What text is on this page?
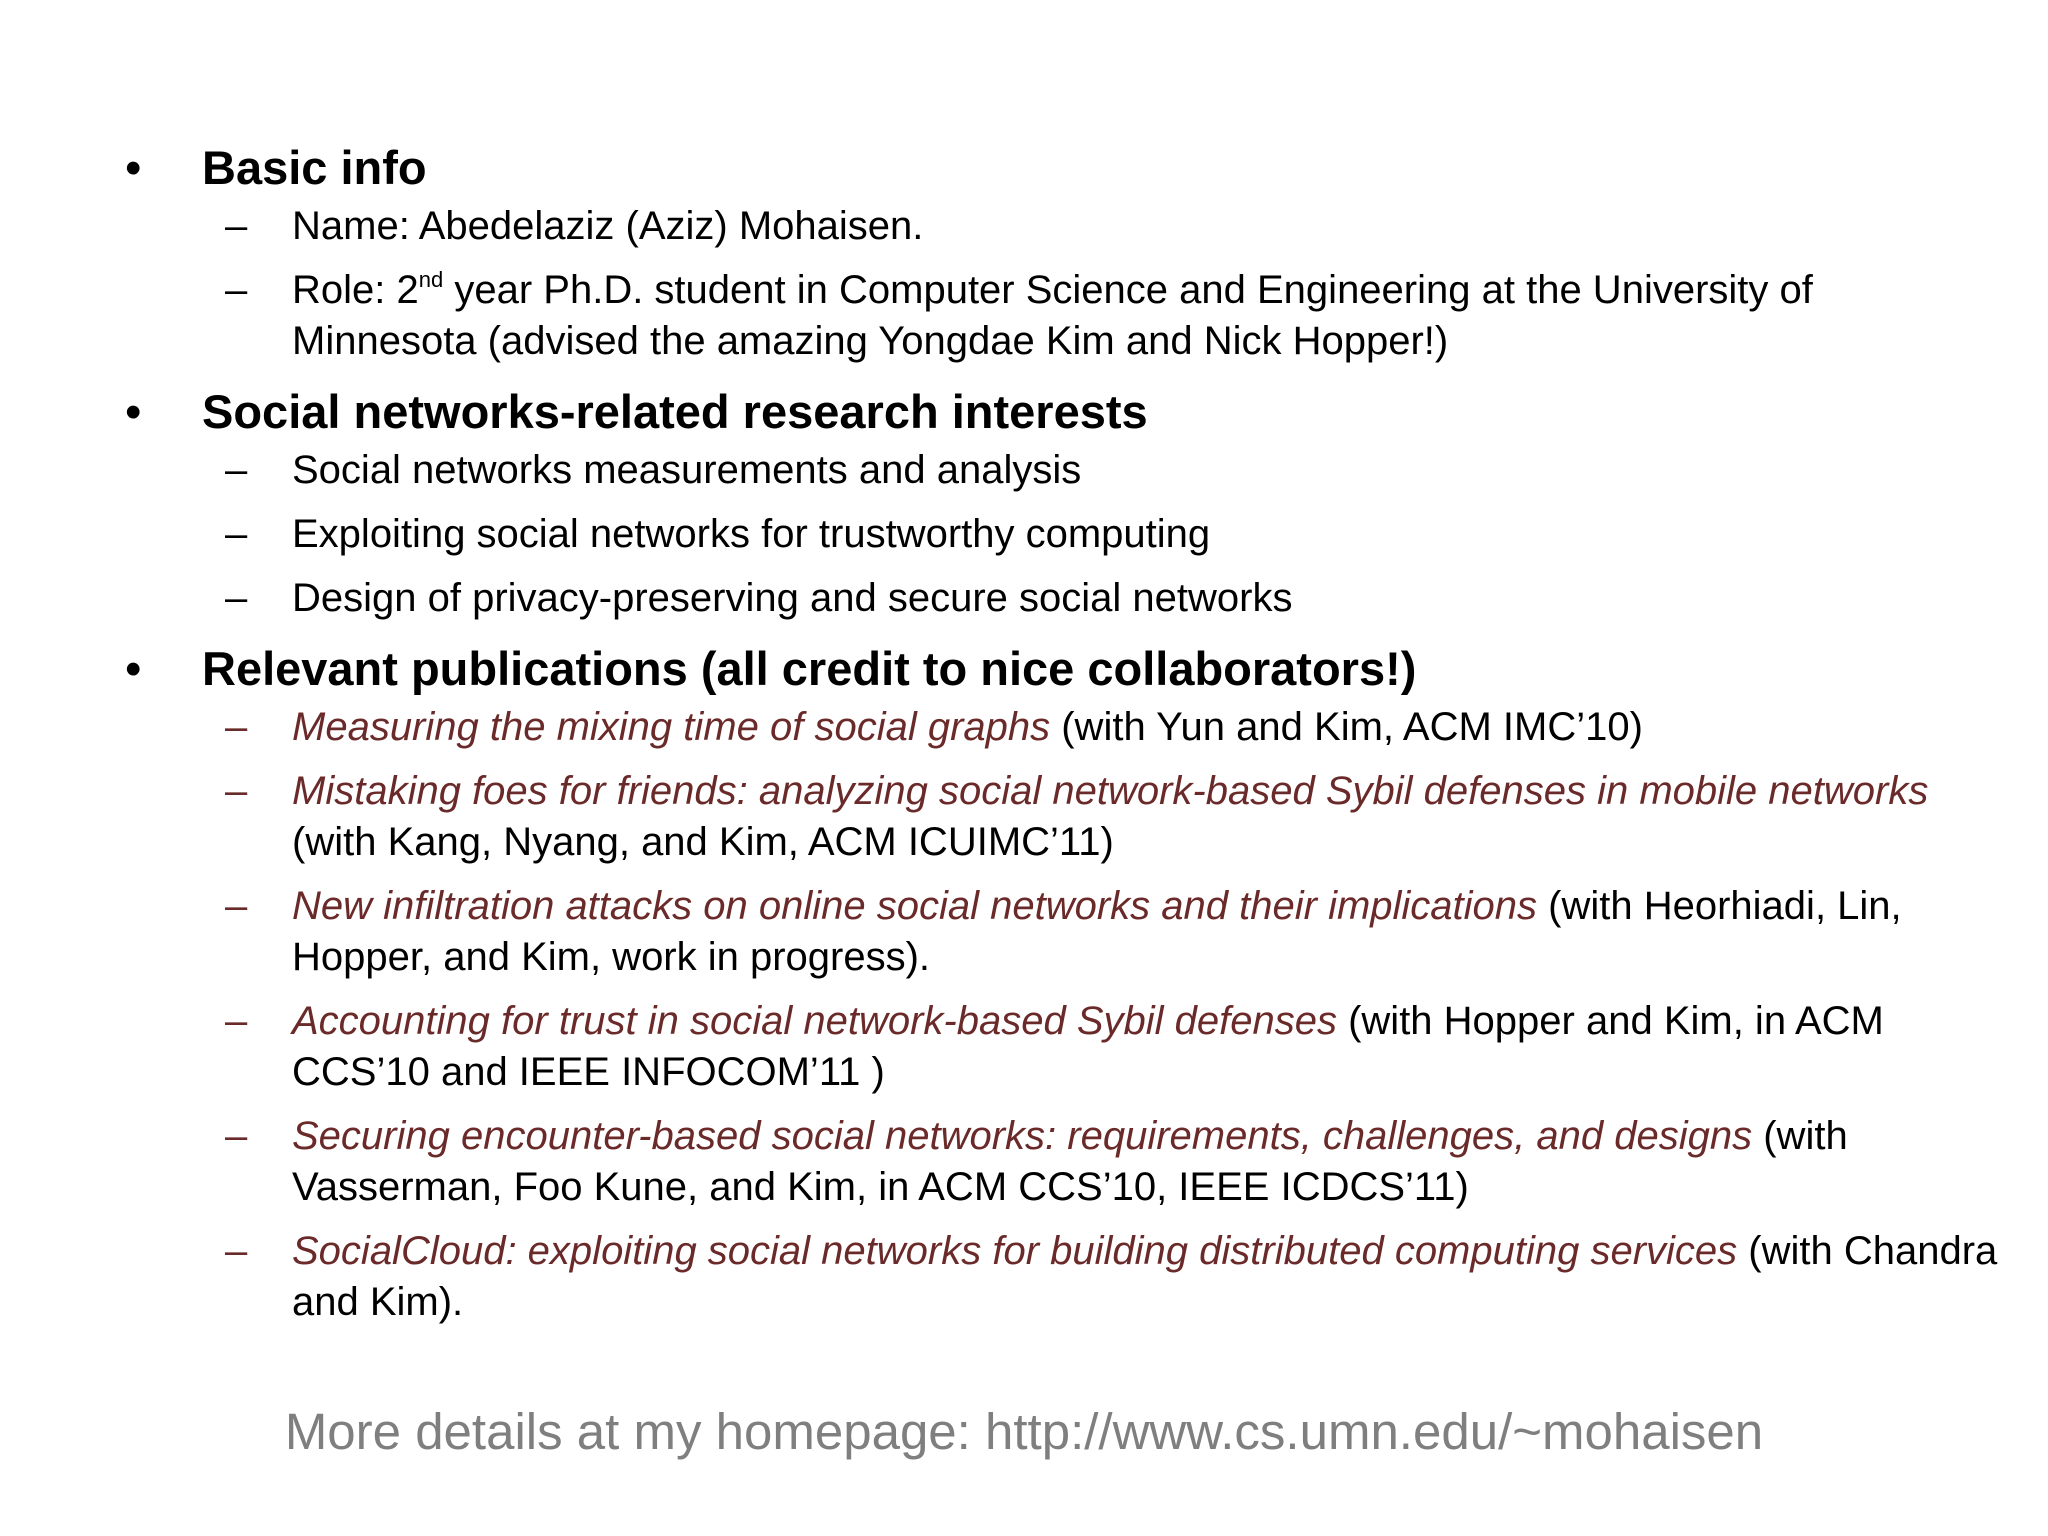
• Basic info
– Name: Abedelaziz (Aziz) Mohaisen.
– Role: 2nd year Ph.D. student in Computer Science and Engineering at the University of Minnesota (advised the amazing Yongdae Kim and Nick Hopper!)
• Social networks-related research interests
– Social networks measurements and analysis
– Exploiting social networks for trustworthy computing
– Design of privacy-preserving and secure social networks
• Relevant publications (all credit to nice collaborators!)
– Measuring the mixing time of social graphs (with Yun and Kim, ACM IMC’10)
– Mistaking foes for friends: analyzing social network-based Sybil defenses in mobile networks (with Kang, Nyang, and Kim, ACM ICUIMC’11)
– New infiltration attacks on online social networks and their implications (with Heorhiadi, Lin, Hopper, and Kim, work in progress).
– Accounting for trust in social network-based Sybil defenses (with Hopper and Kim, in ACM CCS’10 and IEEE INFOCOM’11 )
– Securing encounter-based social networks: requirements, challenges, and designs (with Vasserman, Foo Kune, and Kim, in ACM CCS’10, IEEE ICDCS’11)
– SocialCloud: exploiting social networks for building distributed computing services (with Chandra and Kim).
More details at my homepage: http://www.cs.umn.edu/~mohaisen
